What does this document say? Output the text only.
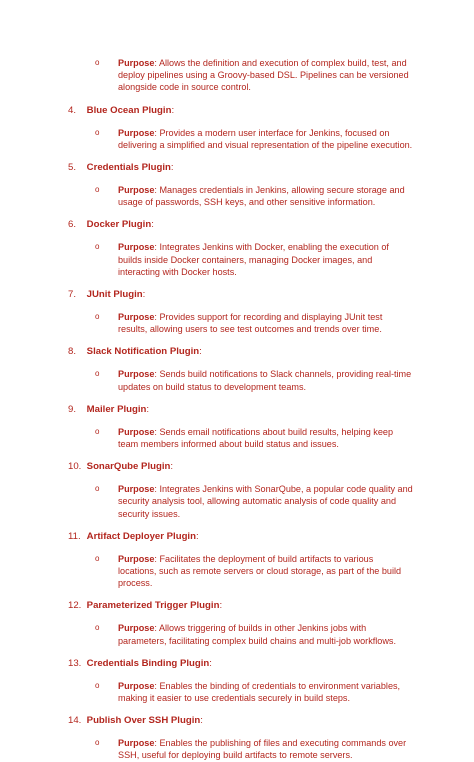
o Purpose: Allows the definition and execution of complex build, test, and deploy pipelines using a Groovy-based DSL. Pipelines can be versioned alongside code in source control.
4. Blue Ocean Plugin:
o Purpose: Provides a modern user interface for Jenkins, focused on delivering a simplified and visual representation of the pipeline execution.
5. Credentials Plugin:
o Purpose: Manages credentials in Jenkins, allowing secure storage and usage of passwords, SSH keys, and other sensitive information.
6. Docker Plugin:
o Purpose: Integrates Jenkins with Docker, enabling the execution of builds inside Docker containers, managing Docker images, and interacting with Docker hosts.
7. JUnit Plugin:
o Purpose: Provides support for recording and displaying JUnit test results, allowing users to see test outcomes and trends over time.
8. Slack Notification Plugin:
o Purpose: Sends build notifications to Slack channels, providing real-time updates on build status to development teams.
9. Mailer Plugin:
o Purpose: Sends email notifications about build results, helping keep team members informed about build status and issues.
10. SonarQube Plugin:
o Purpose: Integrates Jenkins with SonarQube, a popular code quality and security analysis tool, allowing automatic analysis of code quality and security issues.
11. Artifact Deployer Plugin:
o Purpose: Facilitates the deployment of build artifacts to various locations, such as remote servers or cloud storage, as part of the build process.
12. Parameterized Trigger Plugin:
o Purpose: Allows triggering of builds in other Jenkins jobs with parameters, facilitating complex build chains and multi-job workflows.
13. Credentials Binding Plugin:
o Purpose: Enables the binding of credentials to environment variables, making it easier to use credentials securely in build steps.
14. Publish Over SSH Plugin:
o Purpose: Enables the publishing of files and executing commands over SSH, useful for deploying build artifacts to remote servers.
